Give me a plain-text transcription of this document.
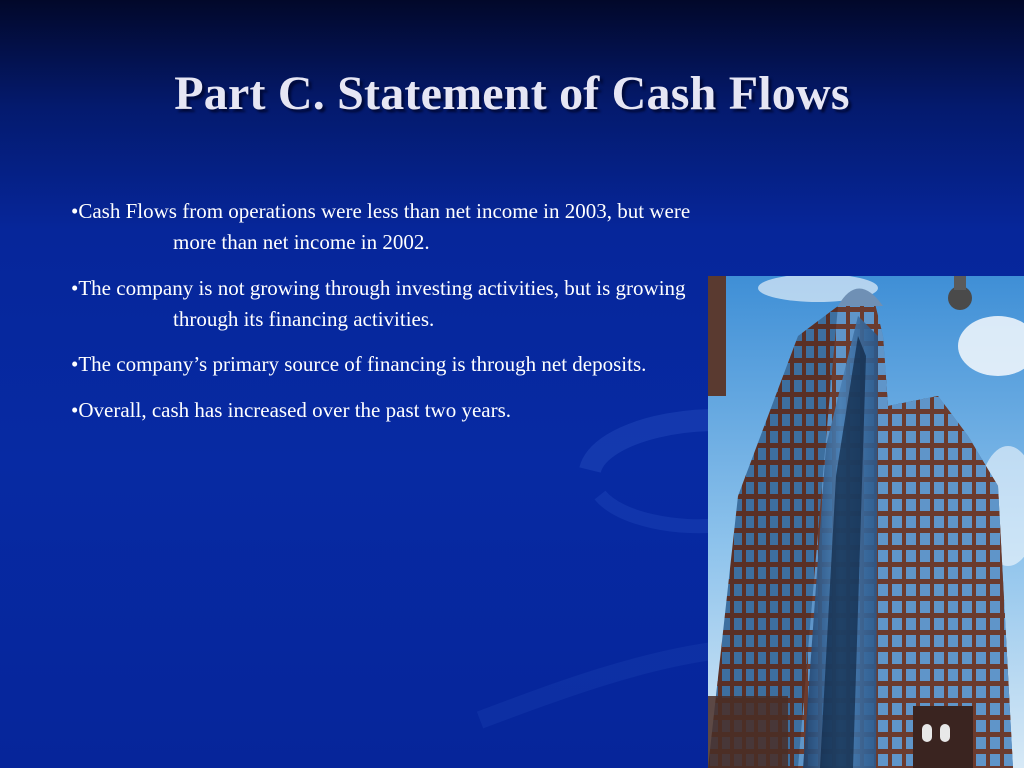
Part C. Statement of Cash Flows
•Cash Flows from operations were less than net income in 2003, but were more than net income in 2002.
•The company is not growing through investing activities, but is growing through its financing activities.
•The company’s primary source of financing is through net deposits.
•Overall, cash has increased over the past two years.
